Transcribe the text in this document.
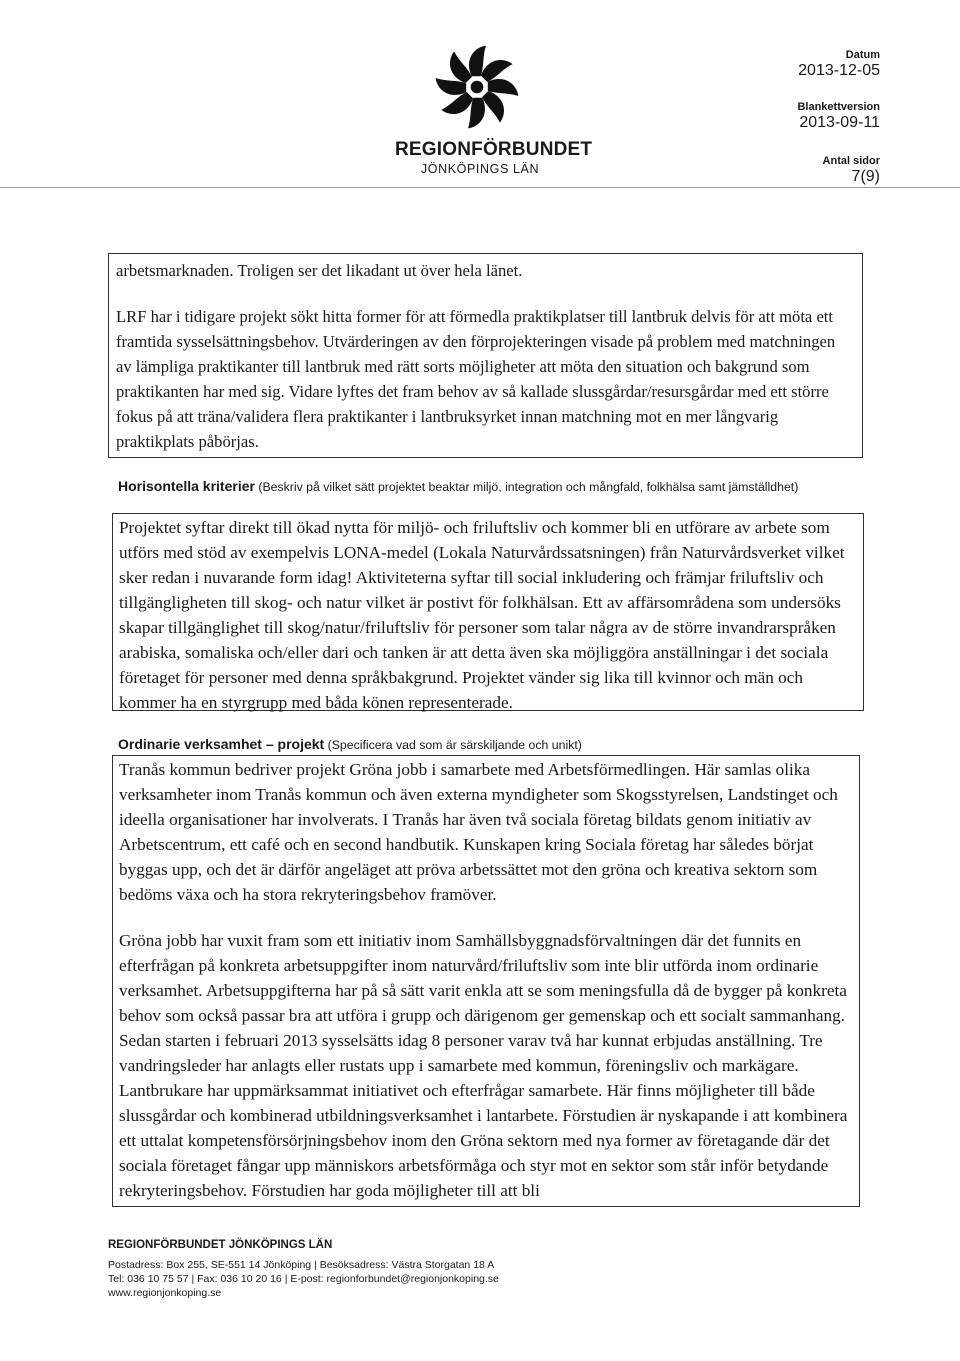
REGIONFÖRBUNDET
JÖNKÖPINGS LÄN
Datum
2013-12-05
Blankettversion
2013-09-11
Antal sidor
7(9)

arbetsmarknaden. Troligen ser det likadant ut över hela länet.

LRF har i tidigare projekt sökt hitta former för att förmedla praktikplatser till lantbruk delvis för att möta ett framtida sysselsättningsbehov. Utvärderingen av den förprojekteringen visade på problem med matchningen av lämpliga praktikanter till lantbruk med rätt sorts möjligheter att möta den situation och bakgrund som praktikanten har med sig. Vidare lyftes det fram behov av så kallade slussgårdar/resursgårdar med ett större fokus på att träna/validera flera praktikanter i lantbruksyrket innan matchning mot en mer långvarig praktikplats påbörjas.

Horisontella kriterier (Beskriv på vilket sätt projektet beaktar miljö, integration och mångfald, folkhälsa samt jämställdhet)

Projektet syftar direkt till ökad nytta för miljö- och friluftsliv och kommer bli en utförare av arbete som utförs med stöd av exempelvis LONA-medel (Lokala Naturvårdssatsningen) från Naturvårdsverket vilket sker redan i nuvarande form idag! Aktiviteterna syftar till social inkludering och främjar friluftsliv och tillgängligheten till skog- och natur vilket är postivt för folkhälsan. Ett av affärsområdena som undersöks skapar tillgänglighet till skog/natur/friluftsliv för personer som talar några av de större invandrarspråken arabiska, somaliska och/eller dari och tanken är att detta även ska möjliggöra anställningar i det sociala företaget för personer med denna språkbakgrund. Projektet vänder sig lika till kvinnor och män och kommer ha en styrgrupp med båda könen representerade.

Ordinarie verksamhet – projekt (Specificera vad som är särskiljande och unikt)

Tranås kommun bedriver projekt Gröna jobb i samarbete med Arbetsförmedlingen. Här samlas olika verksamheter inom Tranås kommun och även externa myndigheter som Skogsstyrelsen, Landstinget och ideella organisationer har involverats. I Tranås har även två sociala företag bildats genom initiativ av Arbetscentrum, ett café och en second handbutik. Kunskapen kring Sociala företag har således börjat byggas upp, och det är därför angeläget att pröva arbetssättet mot den gröna och kreativa sektorn som bedöms växa och ha stora rekryteringsbehov framöver.

Gröna jobb har vuxit fram som ett initiativ inom Samhällsbyggnadsförvaltningen där det funnits en efterfrågan på konkreta arbetsuppgifter inom naturvård/friluftsliv som inte blir utförda inom ordinarie verksamhet. Arbetsuppgifterna har på så sätt varit enkla att se som meningsfulla då de bygger på konkreta behov som också passar bra att utföra i grupp och därigenom ger gemenskap och ett socialt sammanhang. Sedan starten i februari 2013 sysselsätts idag 8 personer varav två har kunnat erbjudas anställning. Tre vandringsleder har anlagts eller rustats upp i samarbete med kommun, föreningsliv och markägare. Lantbrukare har uppmärksammat initiativet och efterfrågar samarbete. Här finns möjligheter till både slussgårdar och kombinerad utbildningsverksamhet i lantarbete. Förstudien är nyskapande i att kombinera ett uttalat kompetensförsörjningsbehov inom den Gröna sektorn med nya former av företagande där det sociala företaget fångar upp människors arbetsförmåga och styr mot en sektor som står inför betydande rekryteringsbehov. Förstudien har goda möjligheter till att bli

REGIONFÖRBUNDET JÖNKÖPINGS LÄN
Postadress: Box 255, SE-551 14 Jönköping | Besöksadress: Västra Storgatan 18 A
Tel: 036 10 75 57 | Fax: 036 10 20 16 | E-post: regionforbundet@regionjonkoping.se
www.regionjonkoping.se
